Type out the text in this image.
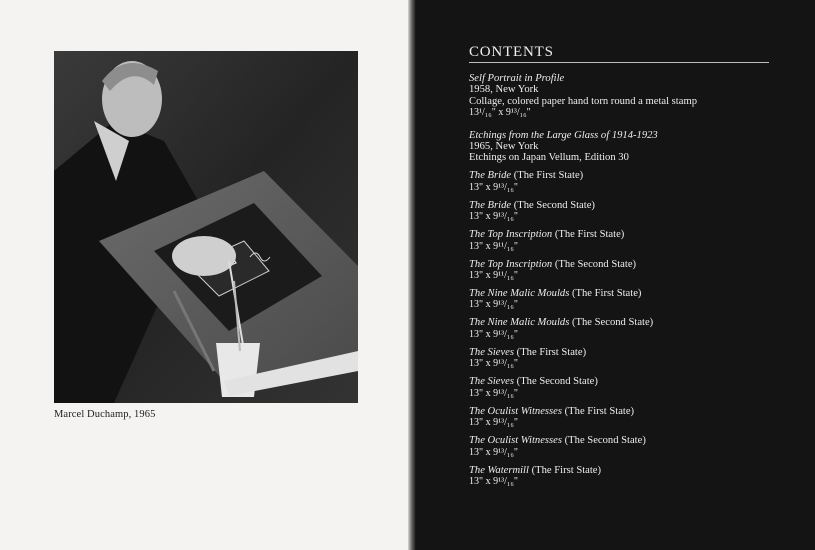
Marcel Duchamp, 1965
CONTENTS
Self Portrait in Profile
1958, New York
Collage, colored paper hand torn round a metal stamp
13¹/₁₆" x 9¹³/₁₆"
Etchings from the Large Glass of 1914-1923
1965, New York
Etchings on Japan Vellum, Edition 30
The Bride (The First State)
13" x 9¹³/₁₆"
The Bride (The Second State)
13" x 9¹³/₁₆"
The Top Inscription (The First State)
13" x 9¹¹/₁₆"
The Top Inscription (The Second State)
13" x 9¹¹/₁₆"
The Nine Malic Moulds (The First State)
13" x 9¹³/₁₆"
The Nine Malic Moulds (The Second State)
13" x 9¹³/₁₆"
The Sieves (The First State)
13" x 9¹³/₁₆"
The Sieves (The Second State)
13" x 9¹³/₁₆"
The Oculist Witnesses (The First State)
13" x 9¹³/₁₆"
The Oculist Witnesses (The Second State)
13" x 9¹³/₁₆"
The Watermill (The First State)
13" x 9¹³/₁₆"
